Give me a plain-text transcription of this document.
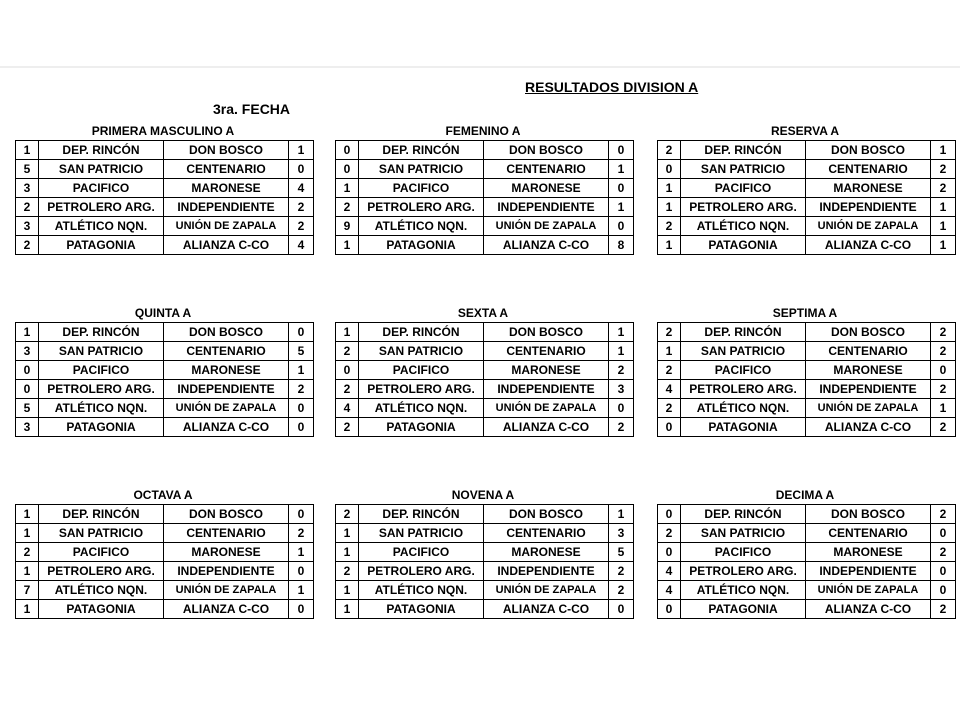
RESULTADOS DIVISION A
3ra. FECHA
PRIMERA MASCULINO A
1	DEP. RINCÓN	DON BOSCO	1
5	SAN PATRICIO	CENTENARIO	0
3	PACIFICO	MARONESE	4
2	PETROLERO ARG.	INDEPENDIENTE	2
3	ATLÉTICO NQN.	UNIÓN DE ZAPALA	2
2	PATAGONIA	ALIANZA C-CO	4
FEMENINO A
0	DEP. RINCÓN	DON BOSCO	0
0	SAN PATRICIO	CENTENARIO	1
1	PACIFICO	MARONESE	0
2	PETROLERO ARG.	INDEPENDIENTE	1
9	ATLÉTICO NQN.	UNIÓN DE ZAPALA	0
1	PATAGONIA	ALIANZA C-CO	8
RESERVA A
2	DEP. RINCÓN	DON BOSCO	1
0	SAN PATRICIO	CENTENARIO	2
1	PACIFICO	MARONESE	2
1	PETROLERO ARG.	INDEPENDIENTE	1
2	ATLÉTICO NQN.	UNIÓN DE ZAPALA	1
1	PATAGONIA	ALIANZA C-CO	1
QUINTA A
1	DEP. RINCÓN	DON BOSCO	0
3	SAN PATRICIO	CENTENARIO	5
0	PACIFICO	MARONESE	1
0	PETROLERO ARG.	INDEPENDIENTE	2
5	ATLÉTICO NQN.	UNIÓN DE ZAPALA	0
3	PATAGONIA	ALIANZA C-CO	0
SEXTA A
1	DEP. RINCÓN	DON BOSCO	1
2	SAN PATRICIO	CENTENARIO	1
0	PACIFICO	MARONESE	2
2	PETROLERO ARG.	INDEPENDIENTE	3
4	ATLÉTICO NQN.	UNIÓN DE ZAPALA	0
2	PATAGONIA	ALIANZA C-CO	2
SEPTIMA A
2	DEP. RINCÓN	DON BOSCO	2
1	SAN PATRICIO	CENTENARIO	2
2	PACIFICO	MARONESE	0
4	PETROLERO ARG.	INDEPENDIENTE	2
2	ATLÉTICO NQN.	UNIÓN DE ZAPALA	1
0	PATAGONIA	ALIANZA C-CO	2
OCTAVA A
1	DEP. RINCÓN	DON BOSCO	0
1	SAN PATRICIO	CENTENARIO	2
2	PACIFICO	MARONESE	1
1	PETROLERO ARG.	INDEPENDIENTE	0
7	ATLÉTICO NQN.	UNIÓN DE ZAPALA	1
1	PATAGONIA	ALIANZA C-CO	0
NOVENA A
2	DEP. RINCÓN	DON BOSCO	1
1	SAN PATRICIO	CENTENARIO	3
1	PACIFICO	MARONESE	5
2	PETROLERO ARG.	INDEPENDIENTE	2
1	ATLÉTICO NQN.	UNIÓN DE ZAPALA	2
1	PATAGONIA	ALIANZA C-CO	0
DECIMA A
0	DEP. RINCÓN	DON BOSCO	2
2	SAN PATRICIO	CENTENARIO	0
0	PACIFICO	MARONESE	2
4	PETROLERO ARG.	INDEPENDIENTE	0
4	ATLÉTICO NQN.	UNIÓN DE ZAPALA	0
0	PATAGONIA	ALIANZA C-CO	2
